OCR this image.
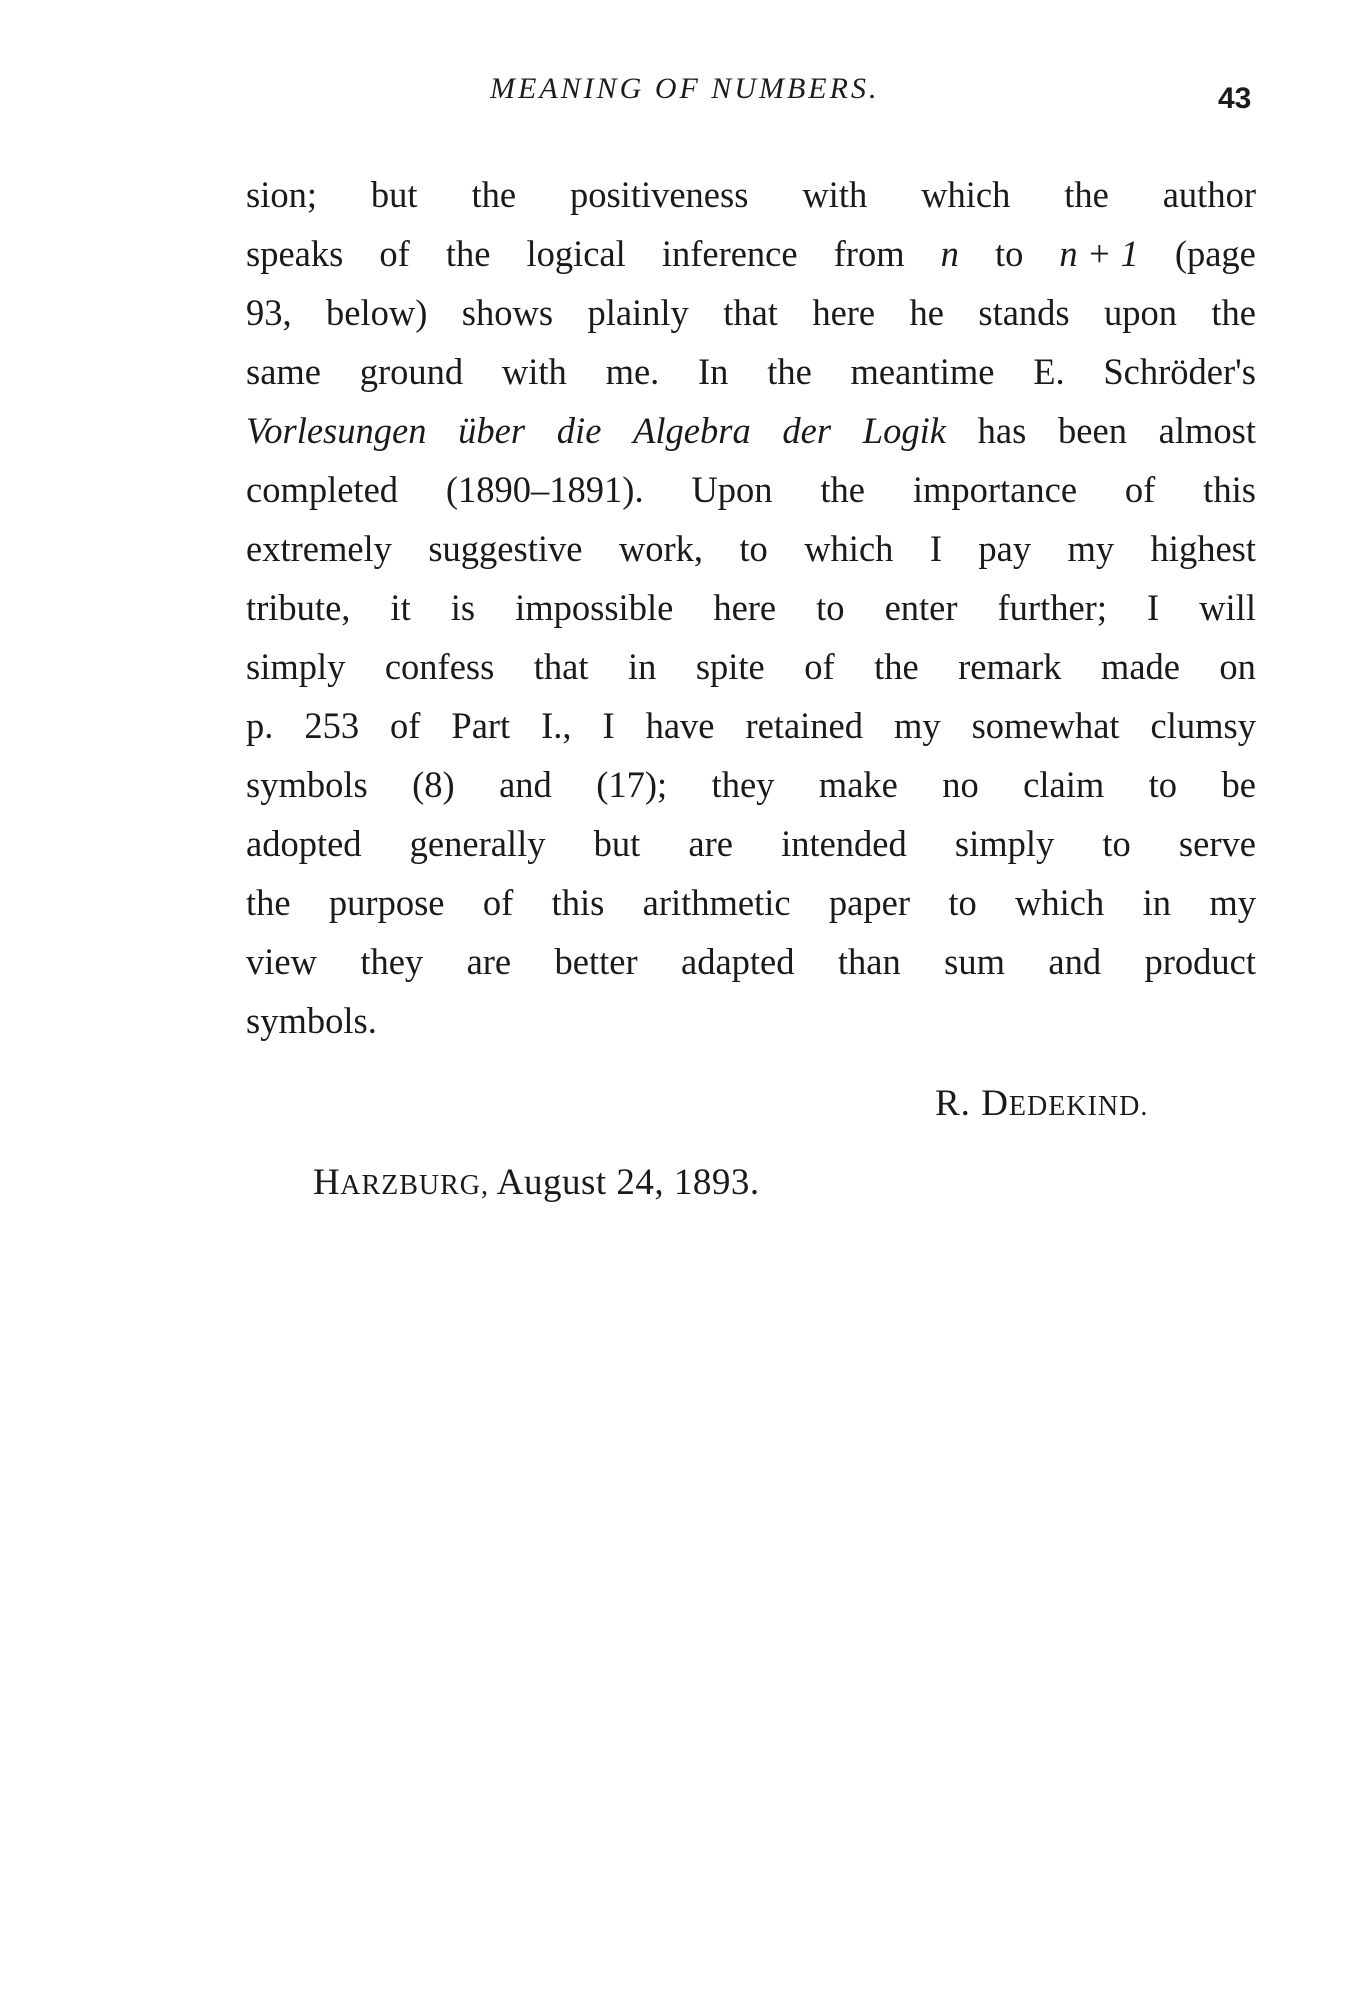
MEANING OF NUMBERS.	43
sion; but the positiveness with which the author
speaks of the logical inference from n to n + 1 (page
93, below) shows plainly that here he stands upon the
same ground with me. In the meantime E. Schröder's
Vorlesungen über die Algebra der Logik has been almost
completed (1890–1891). Upon the importance of this
extremely suggestive work, to which I pay my highest
tribute, it is impossible here to enter further; I will
simply confess that in spite of the remark made on
p. 253 of Part I., I have retained my somewhat clumsy
symbols (8) and (17); they make no claim to be
adopted generally but are intended simply to serve
the purpose of this arithmetic paper to which in my
view they are better adapted than sum and product
symbols.
R. DEDEKIND.
HARZBURG, August 24, 1893.
